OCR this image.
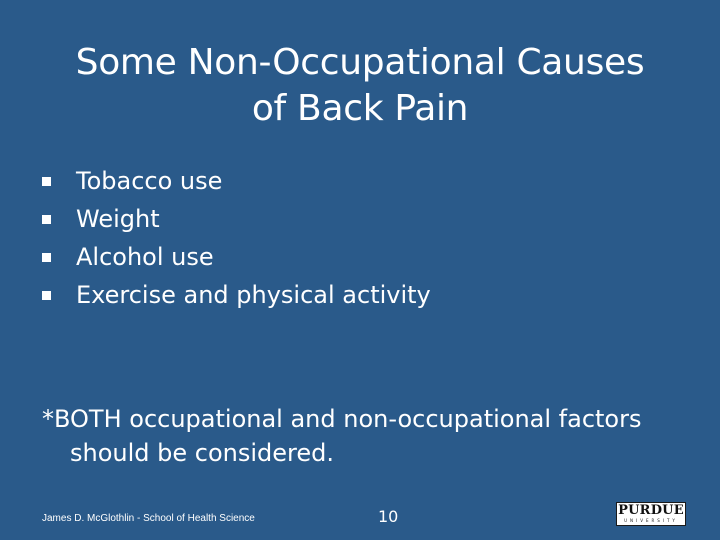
Some Non-Occupational Causes
of Back Pain
Tobacco use
Weight
Alcohol use
Exercise and physical activity
*BOTH occupational and non-occupational factors
should be considered.
James D. McGlothlin - School of Health Science	10	PURDUE
UNIVERSITY
